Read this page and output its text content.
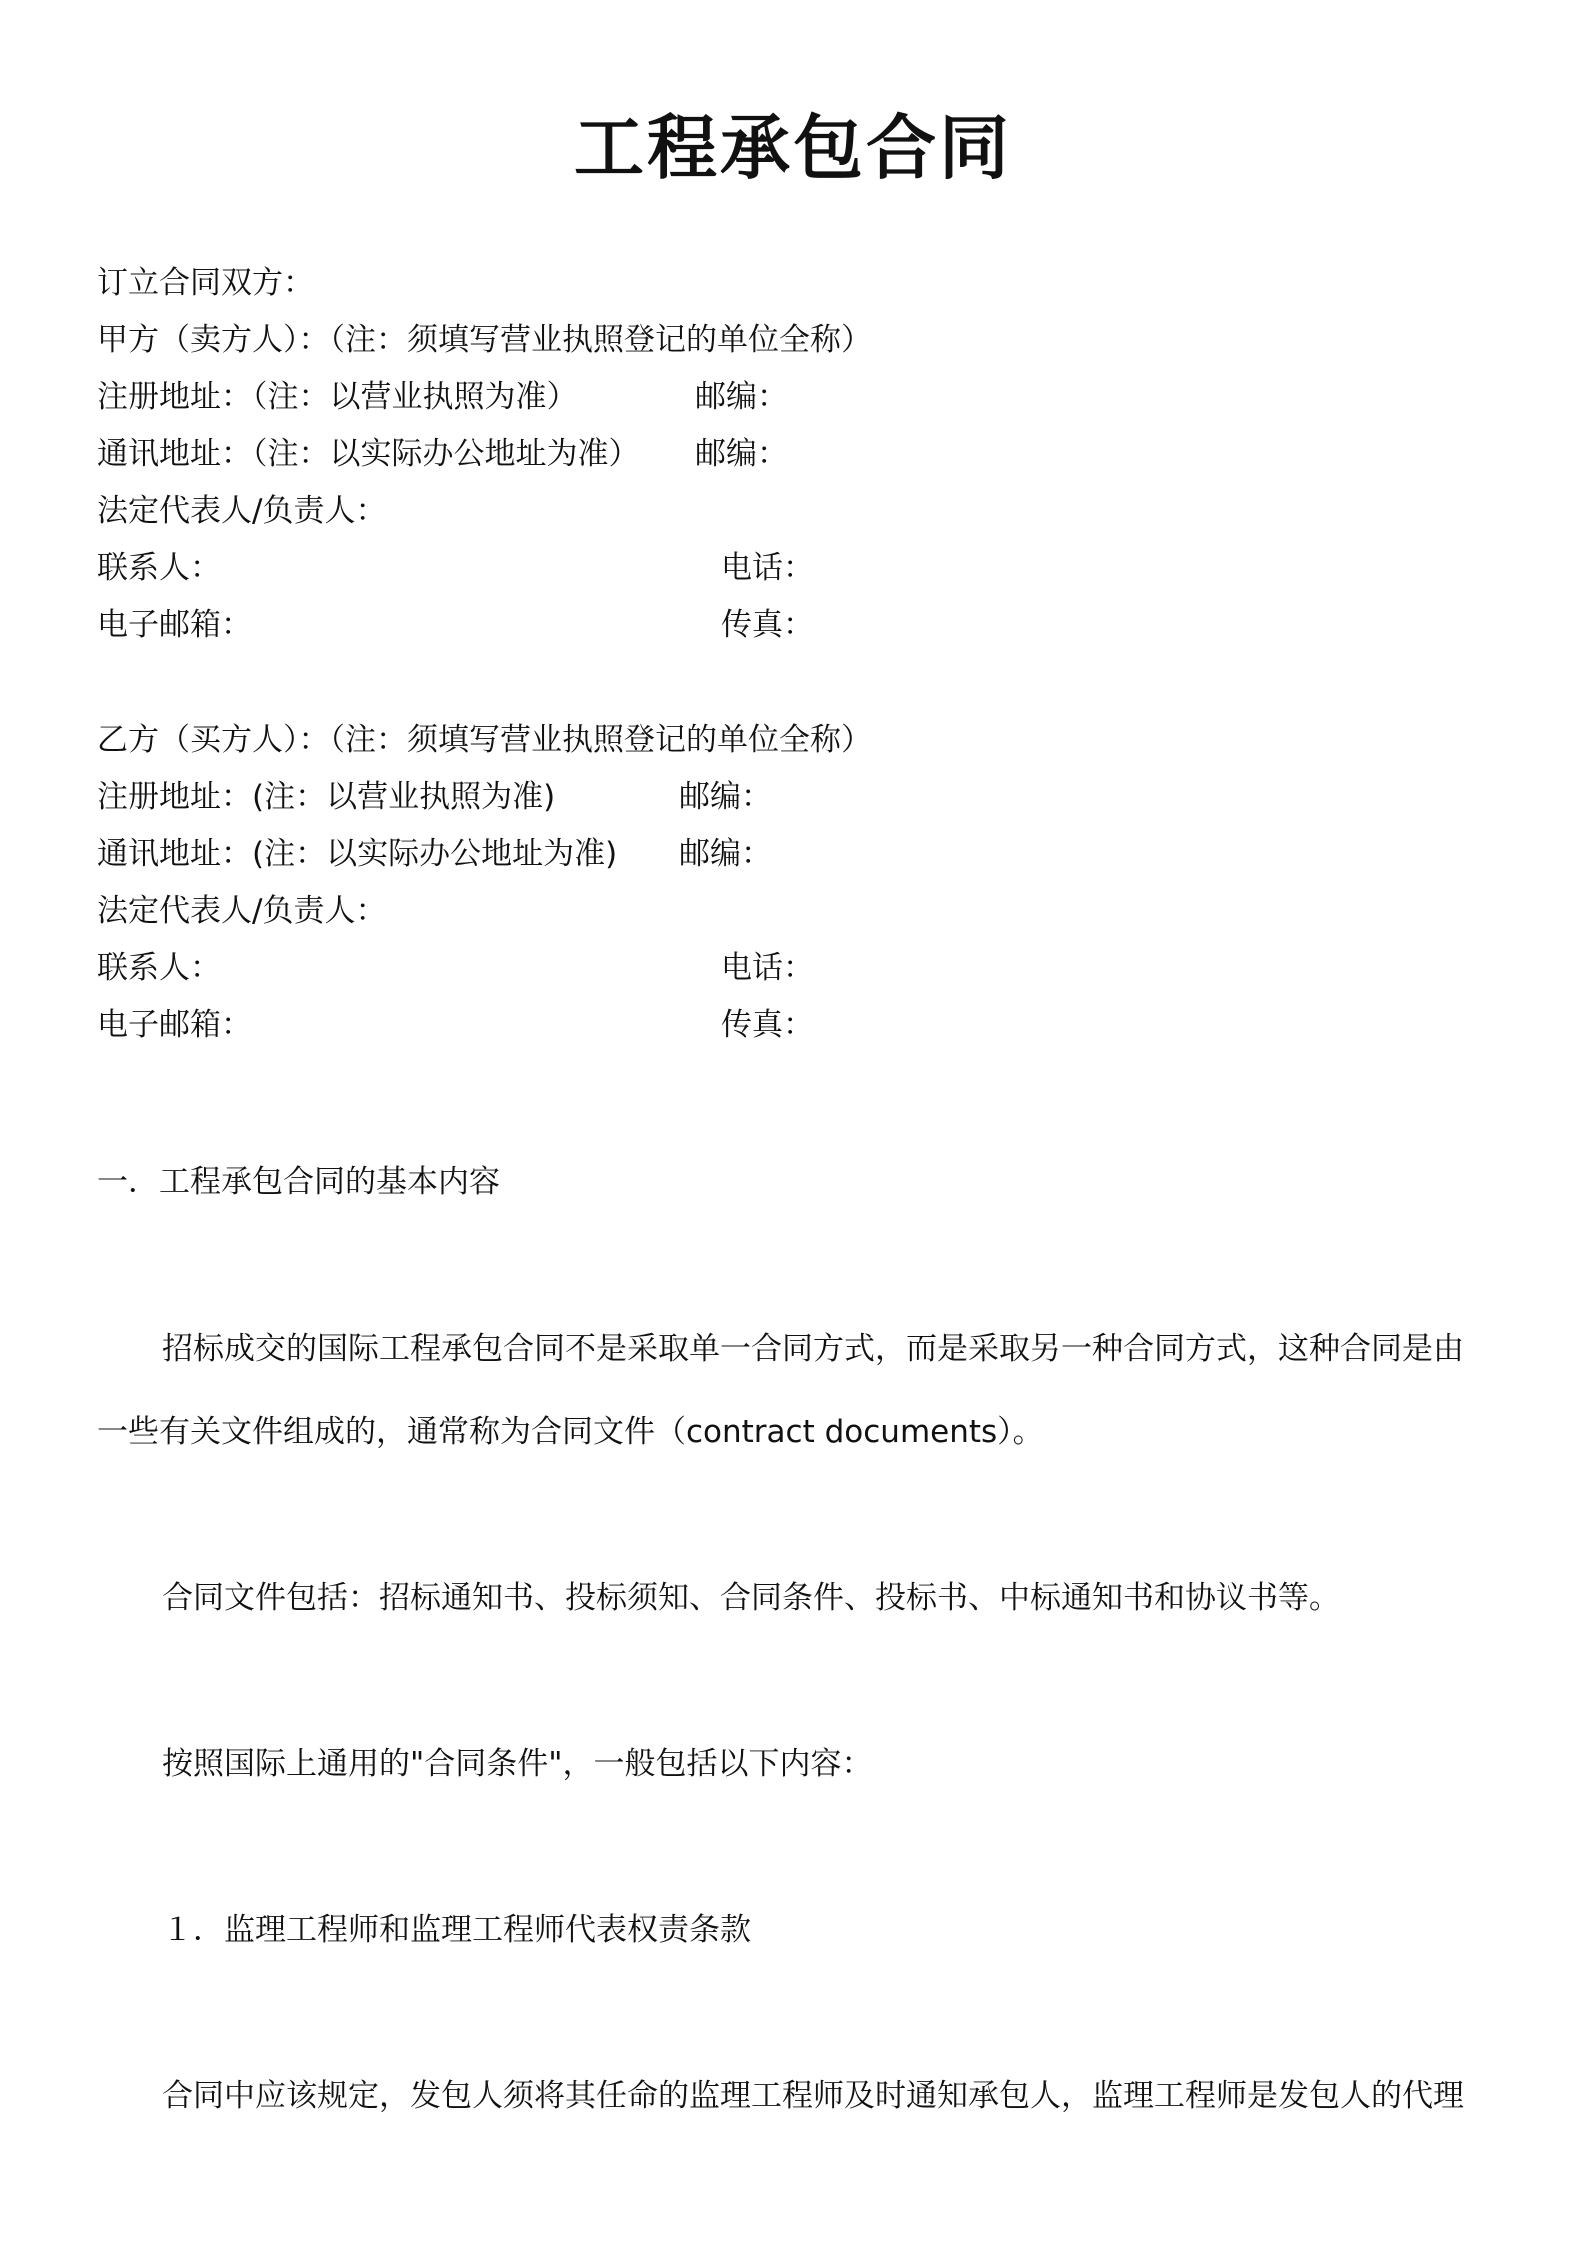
工程承包合同
订立合同双方：
甲方（卖方人）：（注：须填写营业执照登记的单位全称）
注册地址：（注：以营业执照为准）	邮编：
通讯地址：（注：以实际办公地址为准） 邮编：
法定代表人/负责人：
联系人：	电话：
电子邮箱：	传真：
乙方（买方人）：（注：须填写营业执照登记的单位全称）
注册地址：(注：以营业执照为准)	邮编：
通讯地址：(注：以实际办公地址为准) 邮编：
法定代表人/负责人：
联系人：	电话：
电子邮箱：	传真：
一．工程承包合同的基本内容
招标成交的国际工程承包合同不是采取单一合同方式，而是采取另一种合同方式，这种合同是由
一些有关文件组成的，通常称为合同文件（contract documents）。
合同文件包括：招标通知书、投标须知、合同条件、投标书、中标通知书和协议书等。
按照国际上通用的"合同条件"，一般包括以下内容：
１．监理工程师和监理工程师代表权责条款
合同中应该规定，发包人须将其任命的监理工程师及时通知承包人，监理工程师是发包人的代理
